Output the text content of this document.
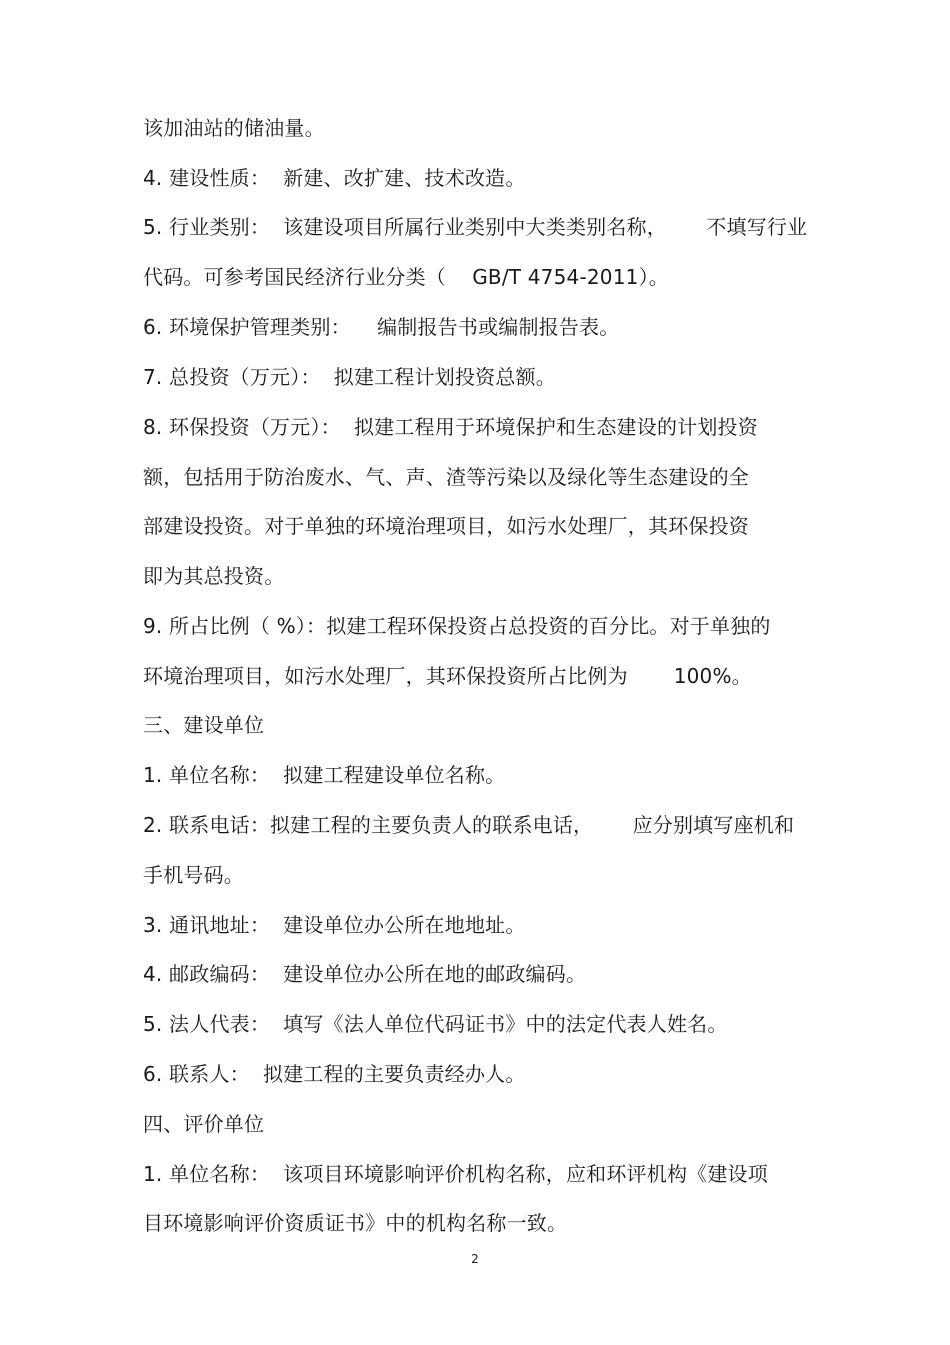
该加油站的储油量。
4. 建设性质：  新建、改扩建、技术改造。
5. 行业类别：  该建设项目所属行业类别中大类类别名称，      不填写行业
代码。可参考国民经济行业分类（    GB/T 4754-2011）。
6. 环境保护管理类别：    编制报告书或编制报告表。
7. 总投资（万元）：  拟建工程计划投资总额。
8. 环保投资（万元）：  拟建工程用于环境保护和生态建设的计划投资
额，包括用于防治废水、气、声、渣等污染以及绿化等生态建设的全
部建设投资。对于单独的环境治理项目，如污水处理厂，其环保投资
即为其总投资。
9. 所占比例（ %）：拟建工程环保投资占总投资的百分比。对于单独的
环境治理项目，如污水处理厂，其环保投资所占比例为       100%。
三、建设单位
1. 单位名称：  拟建工程建设单位名称。
2. 联系电话：拟建工程的主要负责人的联系电话，      应分别填写座机和
手机号码。
3. 通讯地址：  建设单位办公所在地地址。
4. 邮政编码：  建设单位办公所在地的邮政编码。
5. 法人代表：  填写《法人单位代码证书》中的法定代表人姓名。
6. 联系人：  拟建工程的主要负责经办人。
四、评价单位
1. 单位名称：  该项目环境影响评价机构名称，应和环评机构《建设项
目环境影响评价资质证书》中的机构名称一致。
2
